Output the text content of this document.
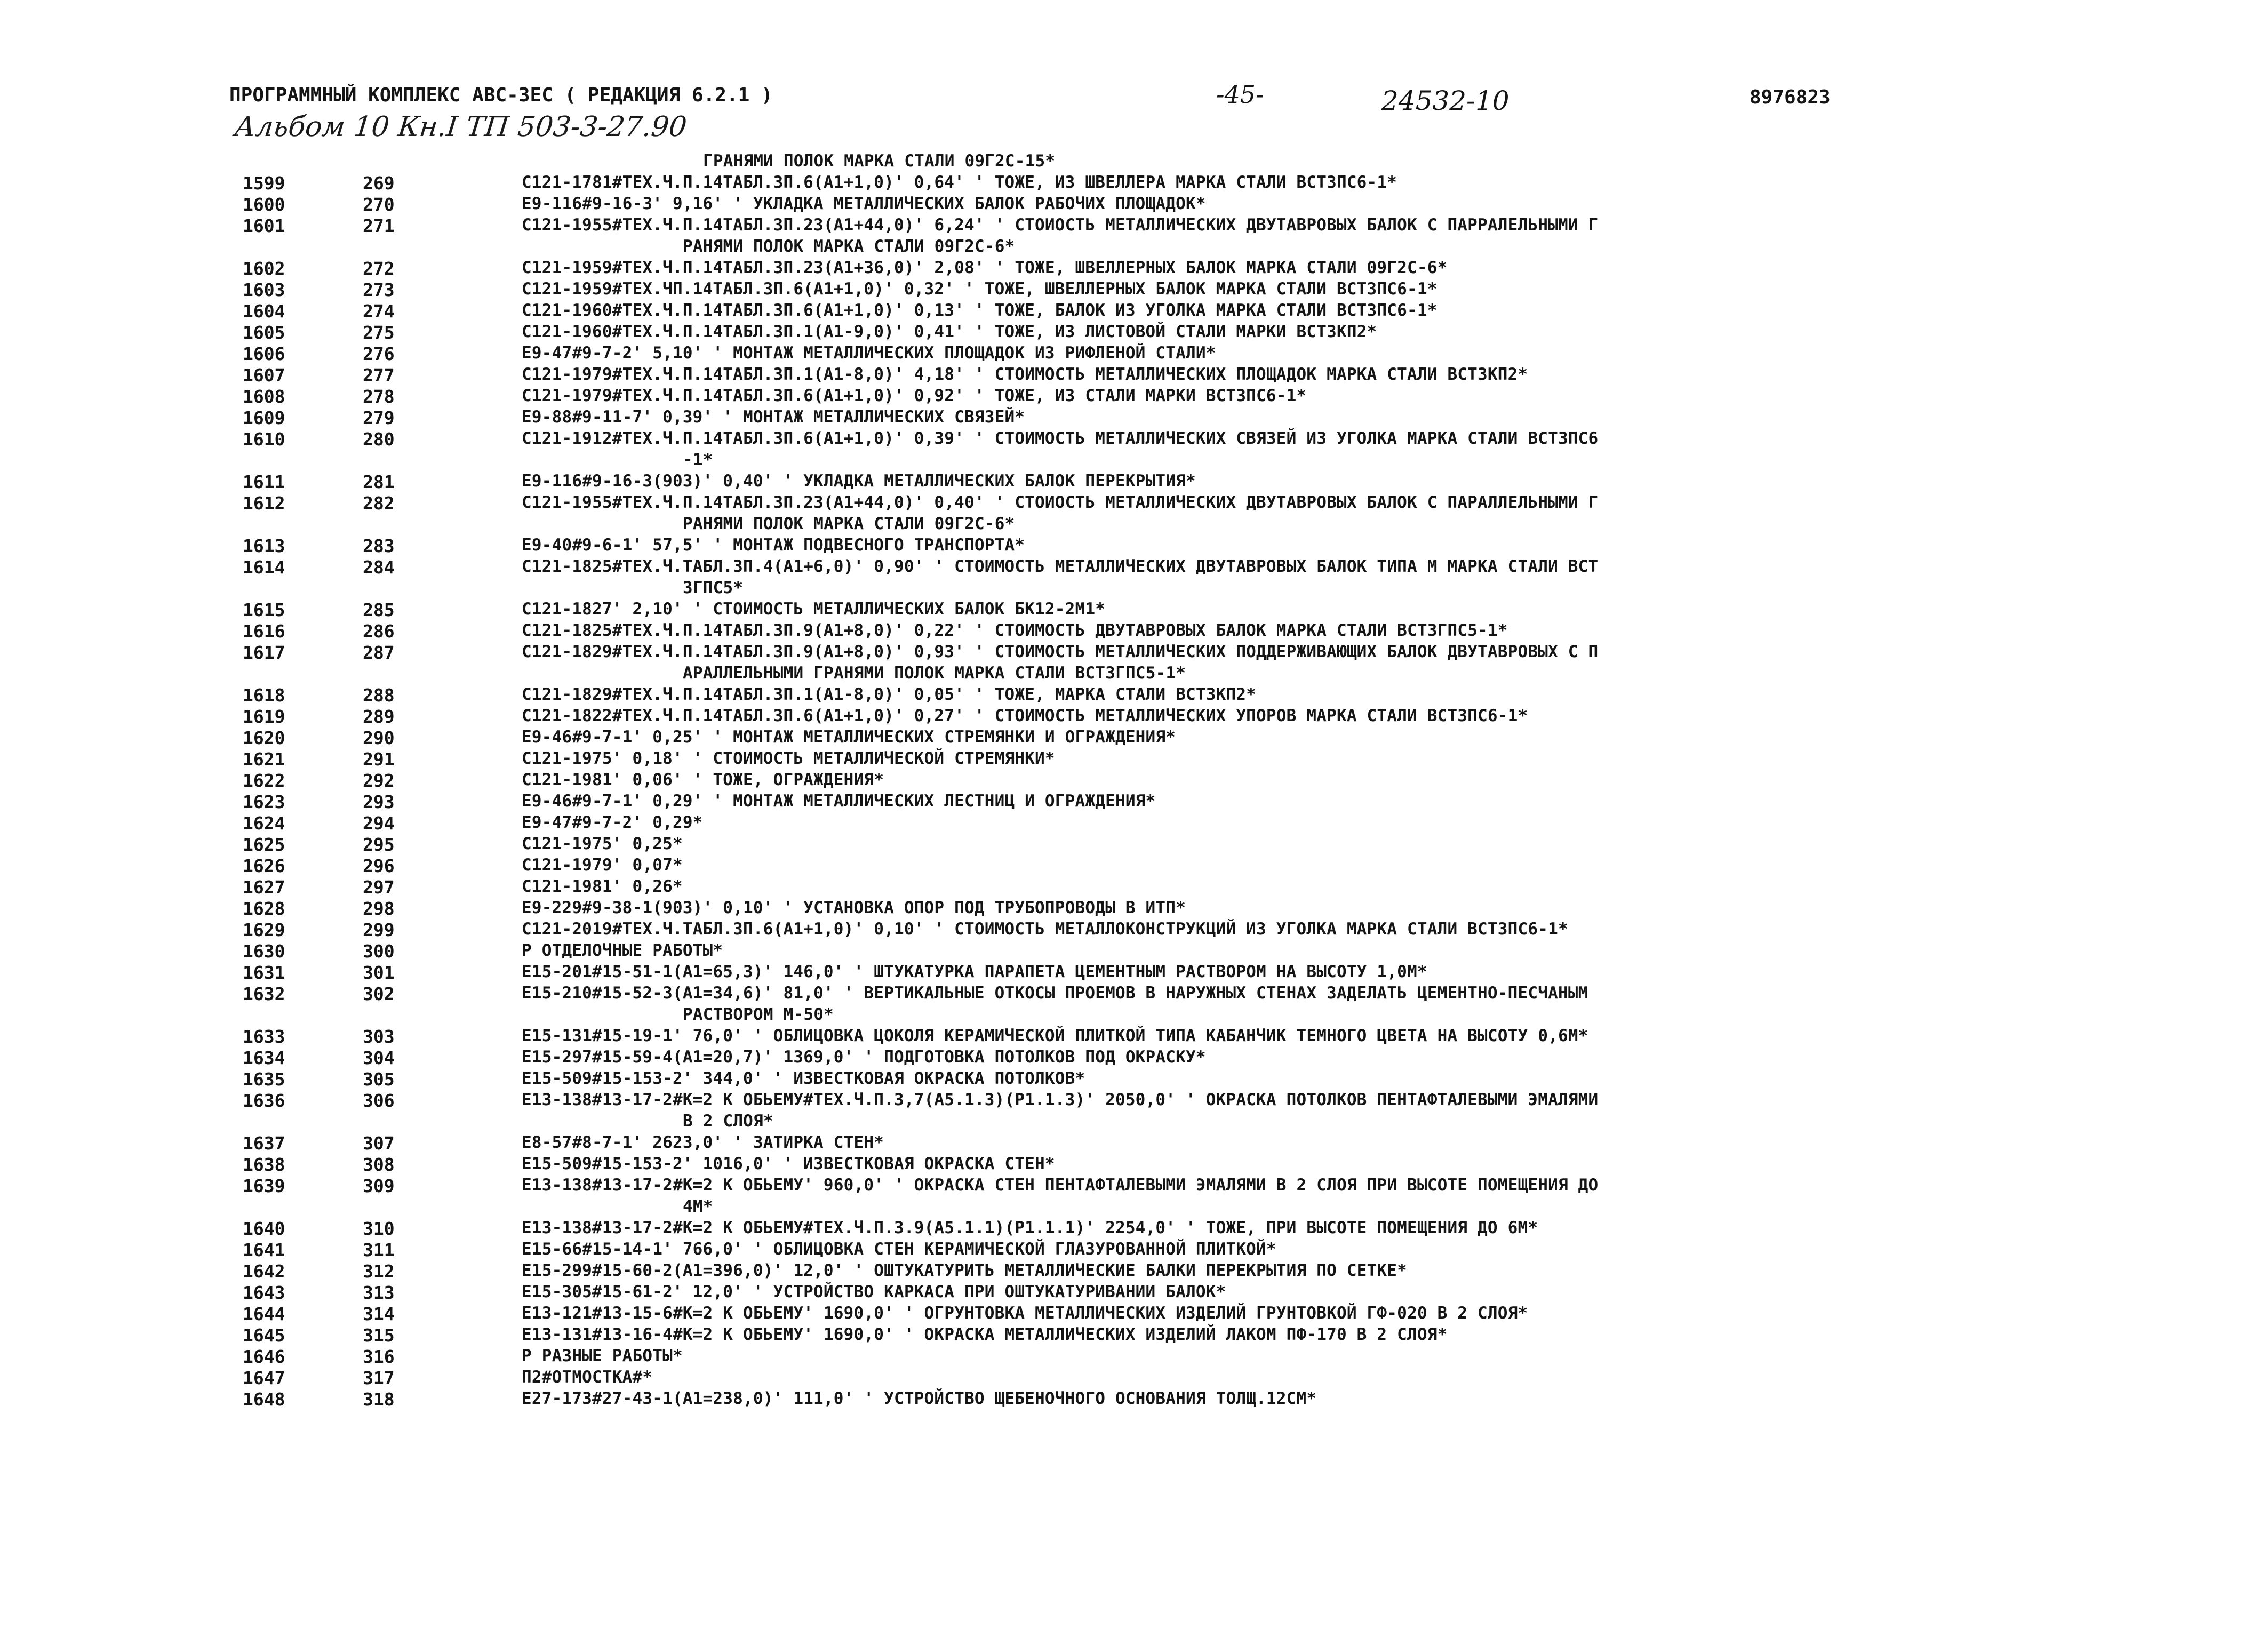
ПРОГРАММНЫЙ КОМПЛЕКС АВС-ЗЕС ( РЕДАКЦИЯ 6.2.1 )	-45-	24532-10	8976823
Альбом 10 Кн.I ТП 503-3-27.90
ГРАНЯМИ ПОЛОК МАРКА СТАЛИ 09Г2С-15*
1599	269	С121-1781#ТЕХ.Ч.П.14ТАБЛ.3П.6(А1+1,0)' 0,64' ' ТОЖЕ, ИЗ ШВЕЛЛЕРА МАРКА СТАЛИ ВСТ3ПС6-1*
1600	270	Е9-116#9-16-3' 9,16' ' УКЛАДКА МЕТАЛЛИЧЕСКИХ БАЛОК РАБОЧИХ ПЛОЩАДОК*
1601	271	С121-1955#ТЕХ.Ч.П.14ТАБЛ.3П.23(А1+44,0)' 6,24' ' СТОИОСТЬ МЕТАЛЛИЧЕСКИХ ДВУТАВРОВЫХ БАЛОК С ПАРРАЛЕЛЬНЫМИ Г
РАНЯМИ ПОЛОК МАРКА СТАЛИ 09Г2С-6*
1602	272	С121-1959#ТЕХ.Ч.П.14ТАБЛ.3П.23(А1+36,0)' 2,08' ' ТОЖЕ, ШВЕЛЛЕРНЫХ БАЛОК МАРКА СТАЛИ 09Г2С-6*
1603	273	С121-1959#ТЕХ.ЧП.14ТАБЛ.3П.6(А1+1,0)' 0,32' ' ТОЖЕ, ШВЕЛЛЕРНЫХ БАЛОК МАРКА СТАЛИ ВСТ3ПС6-1*
1604	274	С121-1960#ТЕХ.Ч.П.14ТАБЛ.3П.6(А1+1,0)' 0,13' ' ТОЖЕ, БАЛОК ИЗ УГОЛКА МАРКА СТАЛИ ВСТ3ПС6-1*
1605	275	С121-1960#ТЕХ.Ч.П.14ТАБЛ.3П.1(А1-9,0)' 0,41' ' ТОЖЕ, ИЗ ЛИСТОВОЙ СТАЛИ МАРКИ ВСТ3КП2*
1606	276	Е9-47#9-7-2' 5,10' ' МОНТАЖ МЕТАЛЛИЧЕСКИХ ПЛОЩАДОК ИЗ РИФЛЕНОЙ СТАЛИ*
1607	277	С121-1979#ТЕХ.Ч.П.14ТАБЛ.3П.1(А1-8,0)' 4,18' ' СТОИМОСТЬ МЕТАЛЛИЧЕСКИХ ПЛОЩАДОК МАРКА СТАЛИ ВСТ3КП2*
1608	278	С121-1979#ТЕХ.Ч.П.14ТАБЛ.3П.6(А1+1,0)' 0,92' ' ТОЖЕ, ИЗ СТАЛИ МАРКИ ВСТ3ПС6-1*
1609	279	Е9-88#9-11-7' 0,39' ' МОНТАЖ МЕТАЛЛИЧЕСКИХ СВЯЗЕЙ*
1610	280	С121-1912#ТЕХ.Ч.П.14ТАБЛ.3П.6(А1+1,0)' 0,39' ' СТОИМОСТЬ МЕТАЛЛИЧЕСКИХ СВЯЗЕЙ ИЗ УГОЛКА МАРКА СТАЛИ ВСТ3ПС6
-1*
1611	281	Е9-116#9-16-3(903)' 0,40' ' УКЛАДКА МЕТАЛЛИЧЕСКИХ БАЛОК ПЕРЕКРЫТИЯ*
1612	282	С121-1955#ТЕХ.Ч.П.14ТАБЛ.3П.23(А1+44,0)' 0,40' ' СТОИОСТЬ МЕТАЛЛИЧЕСКИХ ДВУТАВРОВЫХ БАЛОК С ПАРАЛЛЕЛЬНЫМИ Г
РАНЯМИ ПОЛОК МАРКА СТАЛИ 09Г2С-6*
1613	283	Е9-40#9-6-1' 57,5' ' МОНТАЖ ПОДВЕСНОГО ТРАНСПОРТА*
1614	284	С121-1825#ТЕХ.Ч.ТАБЛ.3П.4(А1+6,0)' 0,90' ' СТОИМОСТЬ МЕТАЛЛИЧЕСКИХ ДВУТАВРОВЫХ БАЛОК ТИПА М МАРКА СТАЛИ ВСТ
3ГПС5*
1615	285	С121-1827' 2,10' ' СТОИМОСТЬ МЕТАЛЛИЧЕСКИХ БАЛОК БК12-2М1*
1616	286	С121-1825#ТЕХ.Ч.П.14ТАБЛ.3П.9(А1+8,0)' 0,22' ' СТОИМОСТЬ ДВУТАВРОВЫХ БАЛОК МАРКА СТАЛИ ВСТ3ГПС5-1*
1617	287	С121-1829#ТЕХ.Ч.П.14ТАБЛ.3П.9(А1+8,0)' 0,93' ' СТОИМОСТЬ МЕТАЛЛИЧЕСКИХ ПОДДЕРЖИВАЮЩИХ БАЛОК ДВУТАВРОВЫХ С П
АРАЛЛЕЛЬНЫМИ ГРАНЯМИ ПОЛОК МАРКА СТАЛИ ВСТ3ГПС5-1*
1618	288	С121-1829#ТЕХ.Ч.П.14ТАБЛ.3П.1(А1-8,0)' 0,05' ' ТОЖЕ, МАРКА СТАЛИ ВСТ3КП2*
1619	289	С121-1822#ТЕХ.Ч.П.14ТАБЛ.3П.6(А1+1,0)' 0,27' ' СТОИМОСТЬ МЕТАЛЛИЧЕСКИХ УПОРОВ МАРКА СТАЛИ ВСТ3ПС6-1*
1620	290	Е9-46#9-7-1' 0,25' ' МОНТАЖ МЕТАЛЛИЧЕСКИХ СТРЕМЯНКИ И ОГРАЖДЕНИЯ*
1621	291	С121-1975' 0,18' ' СТОИМОСТЬ МЕТАЛЛИЧЕСКОЙ СТРЕМЯНКИ*
1622	292	С121-1981' 0,06' ' ТОЖЕ, ОГРАЖДЕНИЯ*
1623	293	Е9-46#9-7-1' 0,29' ' МОНТАЖ МЕТАЛЛИЧЕСКИХ ЛЕСТНИЦ И ОГРАЖДЕНИЯ*
1624	294	Е9-47#9-7-2' 0,29*
1625	295	С121-1975' 0,25*
1626	296	С121-1979' 0,07*
1627	297	С121-1981' 0,26*
1628	298	Е9-229#9-38-1(903)' 0,10' ' УСТАНОВКА ОПОР ПОД ТРУБОПРОВОДЫ В ИТП*
1629	299	С121-2019#ТЕХ.Ч.ТАБЛ.3П.6(А1+1,0)' 0,10' ' СТОИМОСТЬ МЕТАЛЛОКОНСТРУКЦИЙ ИЗ УГОЛКА МАРКА СТАЛИ ВСТ3ПС6-1*
1630	300	Р ОТДЕЛОЧНЫЕ РАБОТЫ*
1631	301	Е15-201#15-51-1(А1=65,3)' 146,0' ' ШТУКАТУРКА ПАРАПЕТА ЦЕМЕНТНЫМ РАСТВОРОМ НА ВЫСОТУ 1,0М*
1632	302	Е15-210#15-52-3(А1=34,6)' 81,0' ' ВЕРТИКАЛЬНЫЕ ОТКОСЫ ПРОЕМОВ В НАРУЖНЫХ СТЕНАХ ЗАДЕЛАТЬ ЦЕМЕНТНО-ПЕСЧАНЫМ
РАСТВОРОМ М-50*
1633	303	Е15-131#15-19-1' 76,0' ' ОБЛИЦОВКА ЦОКОЛЯ КЕРАМИЧЕСКОЙ ПЛИТКОЙ ТИПА КАБАНЧИК ТЕМНОГО ЦВЕТА НА ВЫСОТУ 0,6М*
1634	304	Е15-297#15-59-4(А1=20,7)' 1369,0' ' ПОДГОТОВКА ПОТОЛКОВ ПОД ОКРАСКУ*
1635	305	Е15-509#15-153-2' 344,0' ' ИЗВЕСТКОВАЯ ОКРАСКА ПОТОЛКОВ*
1636	306	Е13-138#13-17-2#К=2 К ОБЬЕМУ#ТЕХ.Ч.П.3,7(А5.1.3)(Р1.1.3)' 2050,0' ' ОКРАСКА ПОТОЛКОВ ПЕНТАФТАЛЕВЫМИ ЭМАЛЯМИ
В 2 СЛОЯ*
1637	307	Е8-57#8-7-1' 2623,0' ' ЗАТИРКА СТЕН*
1638	308	Е15-509#15-153-2' 1016,0' ' ИЗВЕСТКОВАЯ ОКРАСКА СТЕН*
1639	309	Е13-138#13-17-2#К=2 К ОБЬЕМУ' 960,0' ' ОКРАСКА СТЕН ПЕНТАФТАЛЕВЫМИ ЭМАЛЯМИ В 2 СЛОЯ ПРИ ВЫСОТЕ ПОМЕЩЕНИЯ ДО
4М*
1640	310	Е13-138#13-17-2#К=2 К ОБЬЕМУ#ТЕХ.Ч.П.3.9(А5.1.1)(Р1.1.1)' 2254,0' ' ТОЖЕ, ПРИ ВЫСОТЕ ПОМЕЩЕНИЯ ДО 6М*
1641	311	Е15-66#15-14-1' 766,0' ' ОБЛИЦОВКА СТЕН КЕРАМИЧЕСКОЙ ГЛАЗУРОВАННОЙ ПЛИТКОЙ*
1642	312	Е15-299#15-60-2(А1=396,0)' 12,0' ' ОШТУКАТУРИТЬ МЕТАЛЛИЧЕСКИЕ БАЛКИ ПЕРЕКРЫТИЯ ПО СЕТКЕ*
1643	313	Е15-305#15-61-2' 12,0' ' УСТРОЙСТВО КАРКАСА ПРИ ОШТУКАТУРИВАНИИ БАЛОК*
1644	314	Е13-121#13-15-6#К=2 К ОБЬЕМУ' 1690,0' ' ОГРУНТОВКА МЕТАЛЛИЧЕСКИХ ИЗДЕЛИЙ ГРУНТОВКОЙ ГФ-020 В 2 СЛОЯ*
1645	315	Е13-131#13-16-4#К=2 К ОБЬЕМУ' 1690,0' ' ОКРАСКА МЕТАЛЛИЧЕСКИХ ИЗДЕЛИЙ ЛАКОМ ПФ-170 В 2 СЛОЯ*
1646	316	Р РАЗНЫЕ РАБОТЫ*
1647	317	П2#ОТМОСТКА#*
1648	318	Е27-173#27-43-1(А1=238,0)' 111,0' ' УСТРОЙСТВО ЩЕБЕНОЧНОГО ОСНОВАНИЯ ТОЛЩ.12СМ*
